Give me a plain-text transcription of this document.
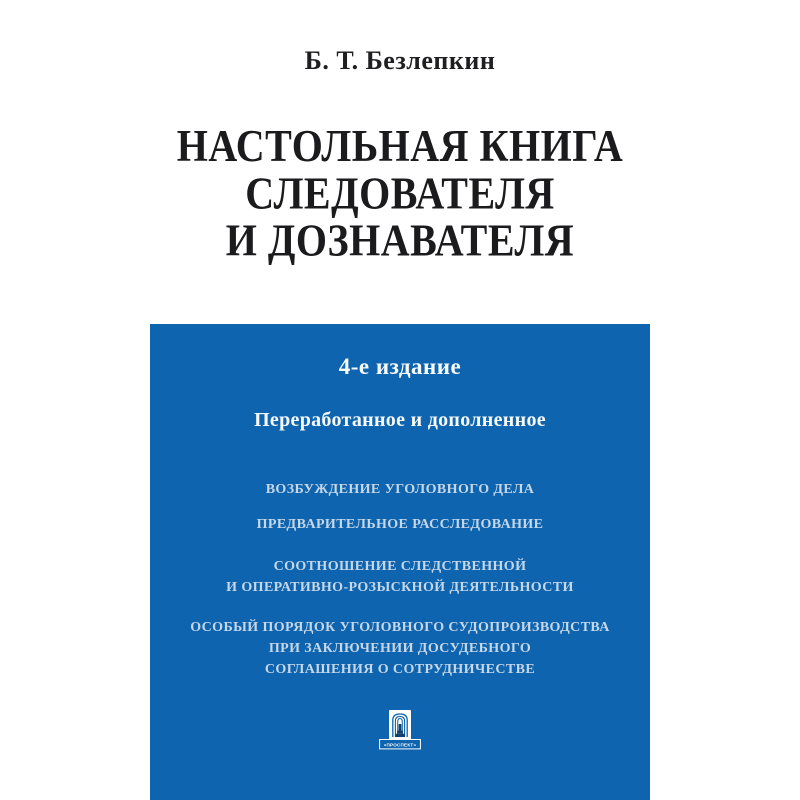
Б. Т. Безлепкин
НАСТОЛЬНАЯ КНИГА
СЛЕДОВАТЕЛЯ
И ДОЗНАВАТЕЛЯ
4-е издание
Переработанное и дополненное
ВОЗБУЖДЕНИЕ УГОЛОВНОГО ДЕЛА
ПРЕДВАРИТЕЛЬНОЕ РАССЛЕДОВАНИЕ
СООТНОШЕНИЕ СЛЕДСТВЕННОЙ
И ОПЕРАТИВНО-РОЗЫСКНОЙ ДЕЯТЕЛЬНОСТИ
ОСОБЫЙ ПОРЯДОК УГОЛОВНОГО СУДОПРОИЗВОДСТВА
ПРИ ЗАКЛЮЧЕНИИ ДОСУДЕБНОГО
СОГЛАШЕНИЯ О СОТРУДНИЧЕСТВЕ
«ПРОСПЕКТ»
